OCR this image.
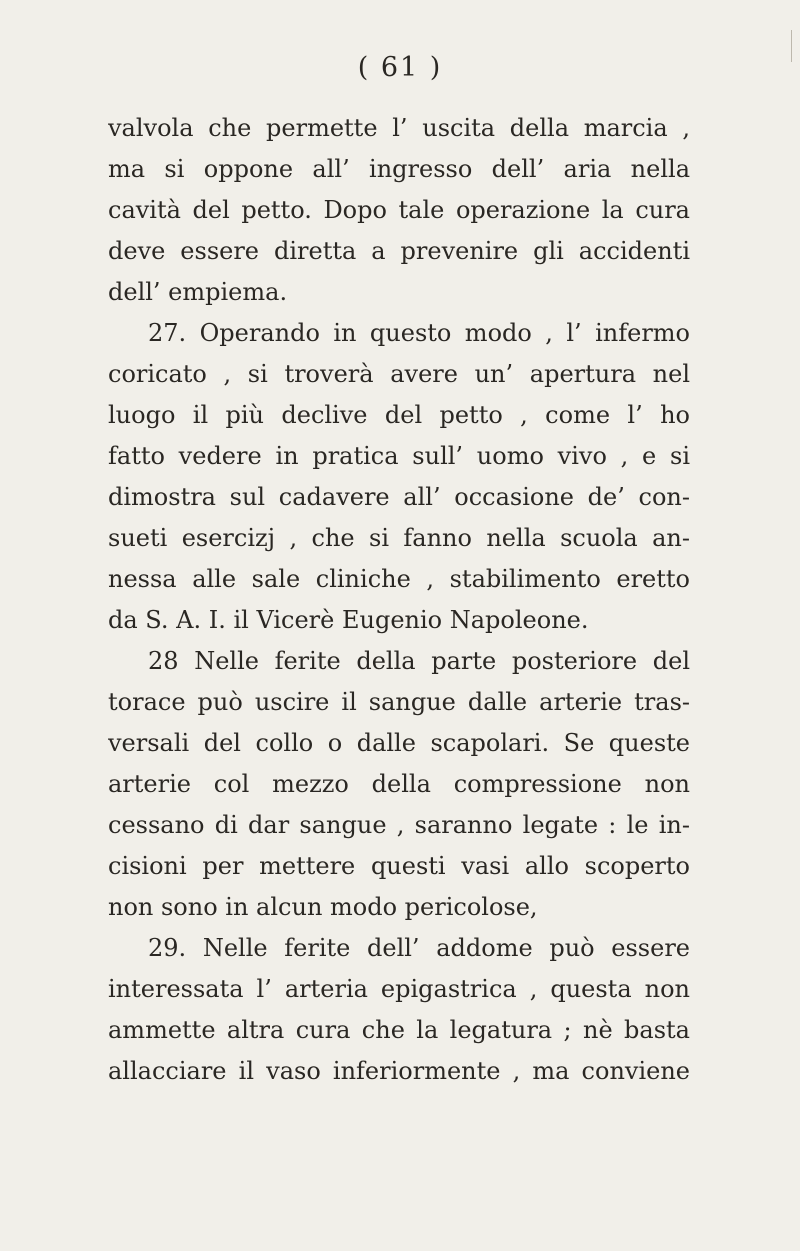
( 61 )
valvola che permette l’ uscita della marcia ,
ma si oppone all’ ingresso dell’ aria nella
cavità del petto. Dopo tale operazione la cura
deve essere diretta a prevenire gli accidenti
dell’ empiema.
27. Operando in questo modo , l’ infermo
coricato , si troverà avere un’ apertura nel
luogo il più declive del petto , come l’ ho
fatto vedere in pratica sull’ uomo vivo , e si
dimostra sul cadavere all’ occasione de’ con-
sueti esercizj , che si fanno nella scuola an-
nessa alle sale cliniche , stabilimento eretto
da S. A. I. il Vicerè Eugenio Napoleone.
28 Nelle ferite della parte posteriore del
torace può uscire il sangue dalle arterie tras-
versali del collo o dalle scapolari. Se queste
arterie col mezzo della compressione non
cessano di dar sangue , saranno legate : le in-
cisioni per mettere questi vasi allo scoperto
non sono in alcun modo pericolose,
29. Nelle ferite dell’ addome può essere
interessata l’ arteria epigastrica , questa non
ammette altra cura che la legatura ; nè basta
allacciare il vaso inferiormente , ma conviene
